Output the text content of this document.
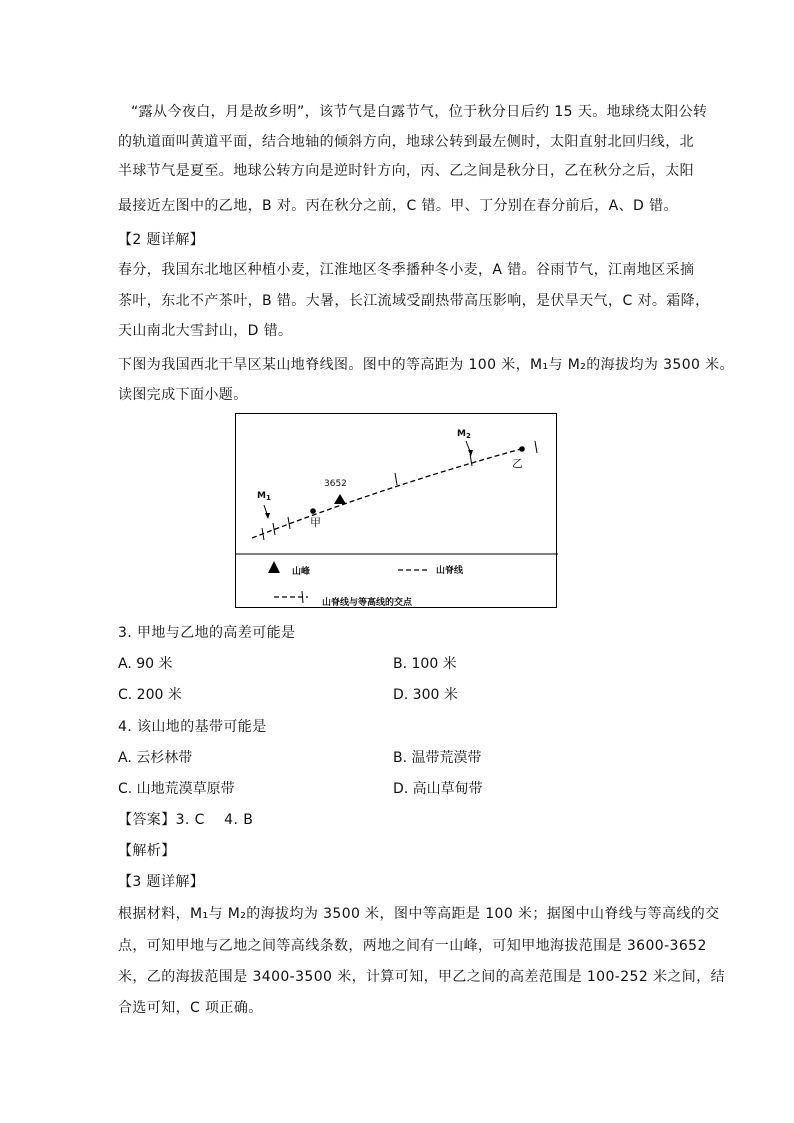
“露从今夜白，月是故乡明”，该节气是白露节气，位于秋分日后约 15 天。地球绕太阳公转
的轨道面叫黄道平面，结合地轴的倾斜方向，地球公转到最左侧时，太阳直射北回归线，北
半球节气是夏至。地球公转方向是逆时针方向，丙、乙之间是秋分日，乙在秋分之后，太阳
最接近左图中的乙地，B 对。丙在秋分之前，C 错。甲、丁分别在春分前后，A、D 错。
【2 题详解】
春分，我国东北地区种植小麦，江淮地区冬季播种冬小麦，A 错。谷雨节气，江南地区采摘
茶叶，东北不产茶叶，B 错。大暑，长江流域受副热带高压影响，是伏旱天气，C 对。霜降，
天山南北大雪封山，D 错。
下图为我国西北干旱区某山地脊线图。图中的等高距为 100 米，M₁与 M₂的海拔均为 3500 米。
读图完成下面小题。
$M_1$
$M_2$
3652
甲
乙
山峰	山脊线
山脊线与等高线的交点
3. 甲地与乙地的高差可能是
A. 90 米	B. 100 米
C. 200 米	D. 300 米
4. 该山地的基带可能是
A. 云杉林带	B. 温带荒漠带
C. 山地荒漠草原带	D. 高山草甸带
【答案】3. C    4. B
【解析】
【3 题详解】
根据材料，M₁与 M₂的海拔均为 3500 米，图中等高距是 100 米；据图中山脊线与等高线的交
点，可知甲地与乙地之间等高线条数，两地之间有一山峰，可知甲地海拔范围是 3600-3652
米，乙的海拔范围是 3400-3500 米，计算可知，甲乙之间的高差范围是 100-252 米之间，结
合选可知，C 项正确。
